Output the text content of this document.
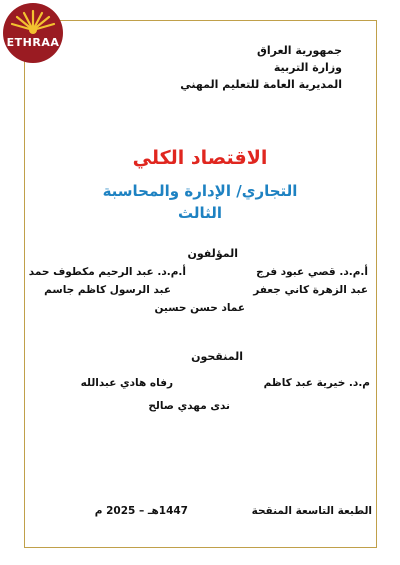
ETHRAA
جمهورية العراق
وزارة التربية
المديرية العامة للتعليم المهني
الاقتصاد الكلي
التجاري/ الإدارة والمحاسبة
الثالث
المؤلفون
أ.م.د. قصي عبود فرج
أ.م.د. عبد الرحيم مكطوف حمد
عبد الزهرة كاني جعفر
عبد الرسول كاظم جاسم
عماد حسن حسين
المنقحون
م.د. خيرية عبد كاظم
رفاه هادي عبدالله
ندى مهدي صالح
الطبعة التاسعة المنقحة
1447هـ – 2025 م
